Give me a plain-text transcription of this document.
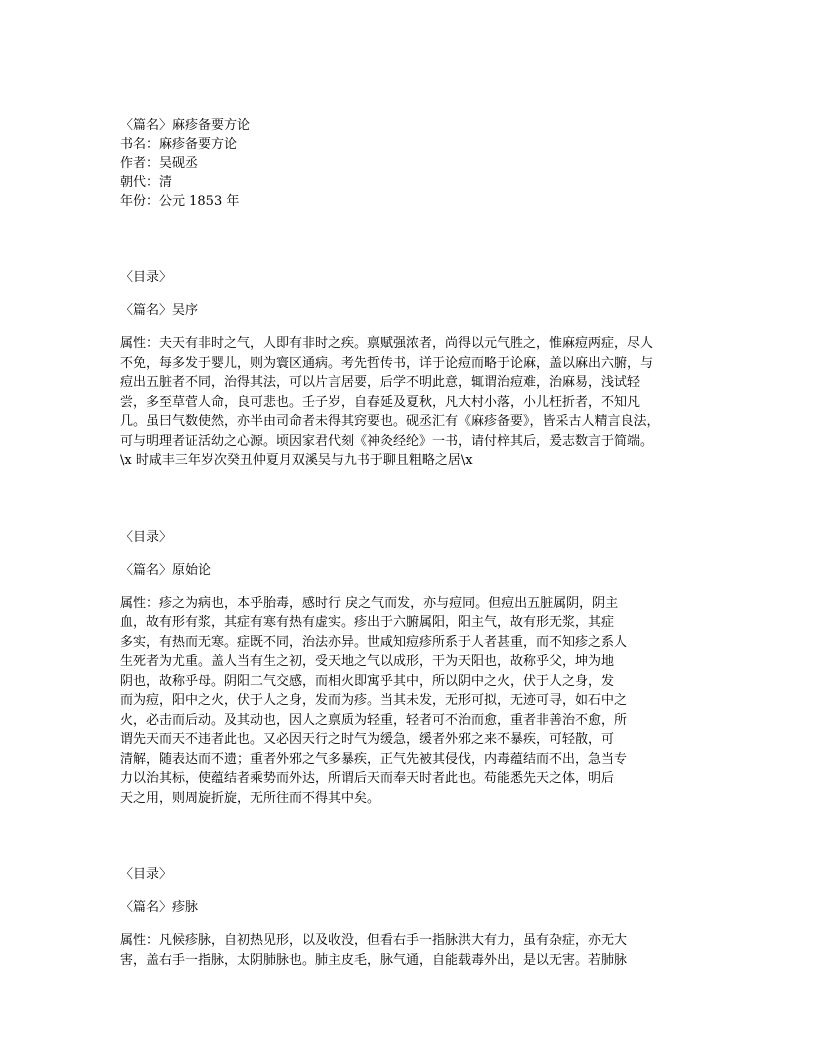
〈篇名〉麻疹备要方论
书名：麻疹备要方论
作者：吴砚丞
朝代：清
年份：公元 1853 年
〈目录〉
〈篇名〉吴序
属性：夫天有非时之气，人即有非时之疾。禀赋强浓者，尚得以元气胜之，惟麻痘两症，尽人
不免，每多发于婴儿，则为寰区通病。考先哲传书，详于论痘而略于论麻，盖以麻出六腑，与
痘出五脏者不同，治得其法，可以片言居要，后学不明此意，辄谓治痘难，治麻易，浅试轻
尝，多至草菅人命，良可悲也。壬子岁，自春延及夏秋，凡大村小落，小儿枉折者，不知凡
几。虽曰气数使然，亦半由司命者未得其窍要也。砚丞汇有《麻疹备要》，皆采古人精言良法，
可与明理者证活幼之心源。顷因家君代刻《神灸经纶》一书，请付梓其后，爰志数言于简端。
\x 时咸丰三年岁次癸丑仲夏月双溪吴与九书于聊且粗略之居\x
〈目录〉
〈篇名〉原始论
属性：疹之为病也，本乎胎毒，感时行 戾之气而发，亦与痘同。但痘出五脏属阴，阴主
血，故有形有浆，其症有寒有热有虚实。疹出于六腑属阳，阳主气，故有形无浆，其症
多实，有热而无寒。症既不同，治法亦异。世咸知痘疹所系于人者甚重，而不知疹之系人
生死者为尤重。盖人当有生之初，受天地之气以成形，干为天阳也，故称乎父，坤为地
阴也，故称乎母。阴阳二气交感，而相火即寓乎其中，所以阴中之火，伏于人之身，发
而为痘，阳中之火，伏于人之身，发而为疹。当其未发，无形可拟，无迹可寻，如石中之
火，必击而后动。及其动也，因人之禀质为轻重，轻者可不治而愈，重者非善治不愈，所
谓先天而天不违者此也。又必因天行之时气为缓急，缓者外邪之来不暴疾，可轻散，可
清解，随表达而不遗；重者外邪之气多暴疾，正气先被其侵伐，内毒蕴结而不出，急当专
力以治其标，使蕴结者乘势而外达，所谓后天而奉天时者此也。苟能悉先天之体，明后
天之用，则周旋折旋，无所往而不得其中矣。
〈目录〉
〈篇名〉疹脉
属性：凡候疹脉，自初热见形，以及收没，但看右手一指脉洪大有力，虽有杂症，亦无大
害，盖右手一指脉，太阴肺脉也。肺主皮毛，脉气通，自能载毒外出，是以无害。若肺脉
